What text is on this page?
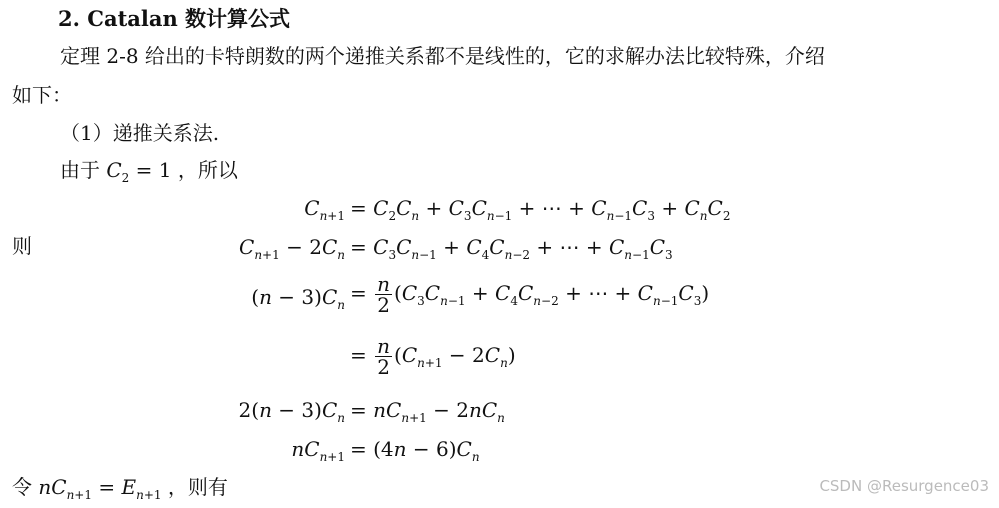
2. Catalan 数计算公式
定理 2-8 给出的卡特朗数的两个递推关系都不是线性的，它的求解办法比较特殊，介绍
如下：
（1）递推关系法.
由于 $C_2 = 1$ ，所以
$C_{n+1} = C_2C_n + C_3C_{n-1}$ + ⋯ + $C_{n-1}C_3 + C_nC_2$
则	$C_{n+1} - 2C_n = C_3C_{n-1} + C_4C_{n-2}$ + ⋯ + $C_{n-1}C_3$
$(n - 3)C_n = \frac{n}{2} (C_3C_{n-1} + C_4C_{n-2}$ + ⋯ + $C_{n-1}C_3$)
= $\frac{n}{2} (C_{n+1} - 2C_n)$
$2(n - 3)C_n = nC_{n+1} - 2nC_n$
$nC_{n+1} = (4n - 6)C_n$
令 $nC_{n+1} = E_{n+1}$ ，则有	CSDN @Resurgence03
